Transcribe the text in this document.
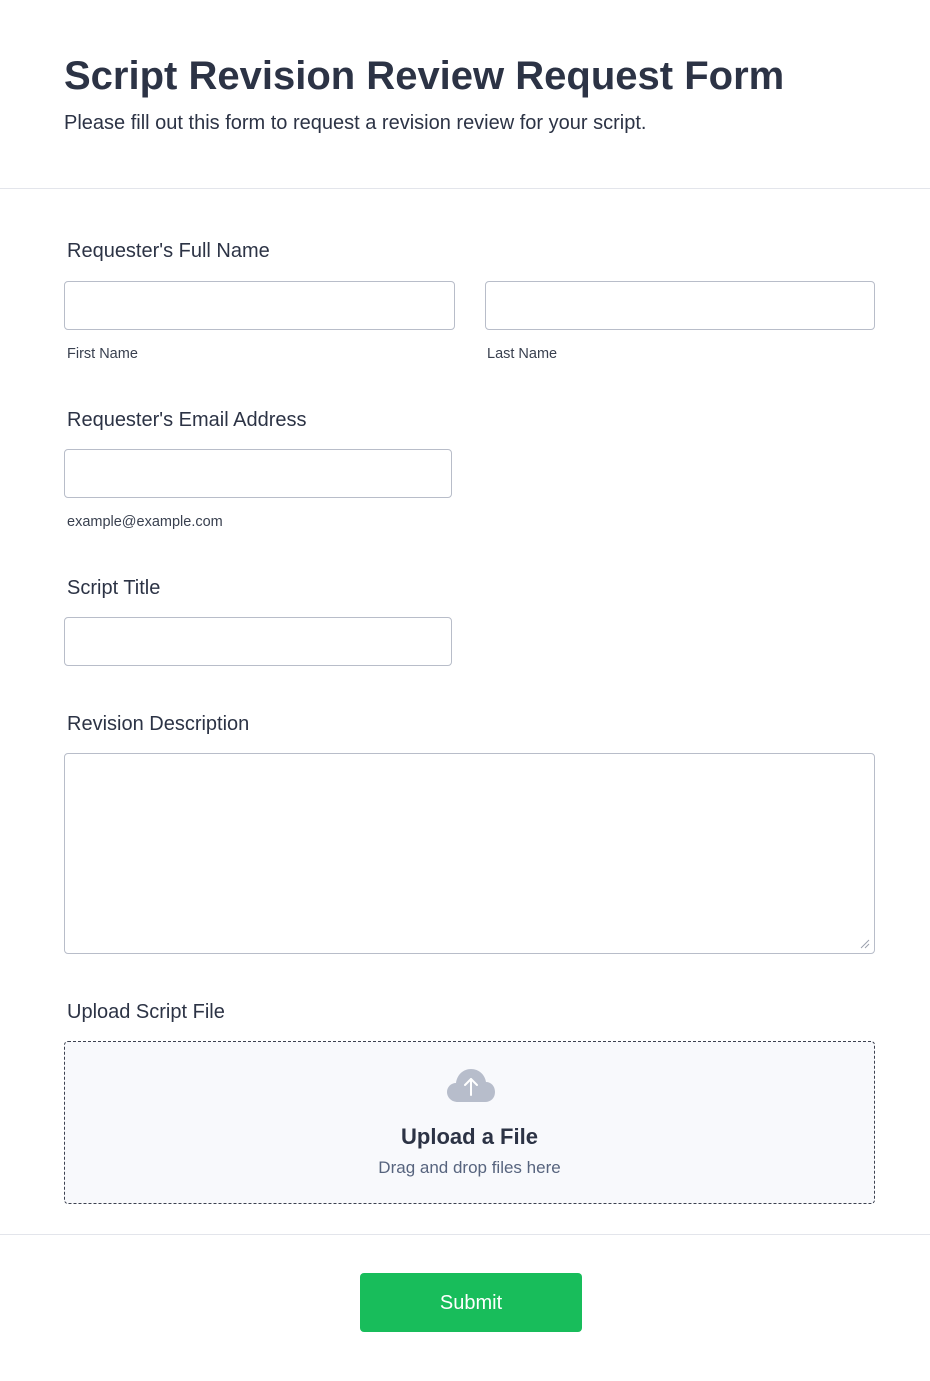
Script Revision Review Request Form

Please fill out this form to request a revision review for your script.

Requester's Full Name
First Name	Last Name
Requester's Email Address
example@example.com
Script Title
Revision Description
Upload Script File
Upload a File
Drag and drop files here
Submit
